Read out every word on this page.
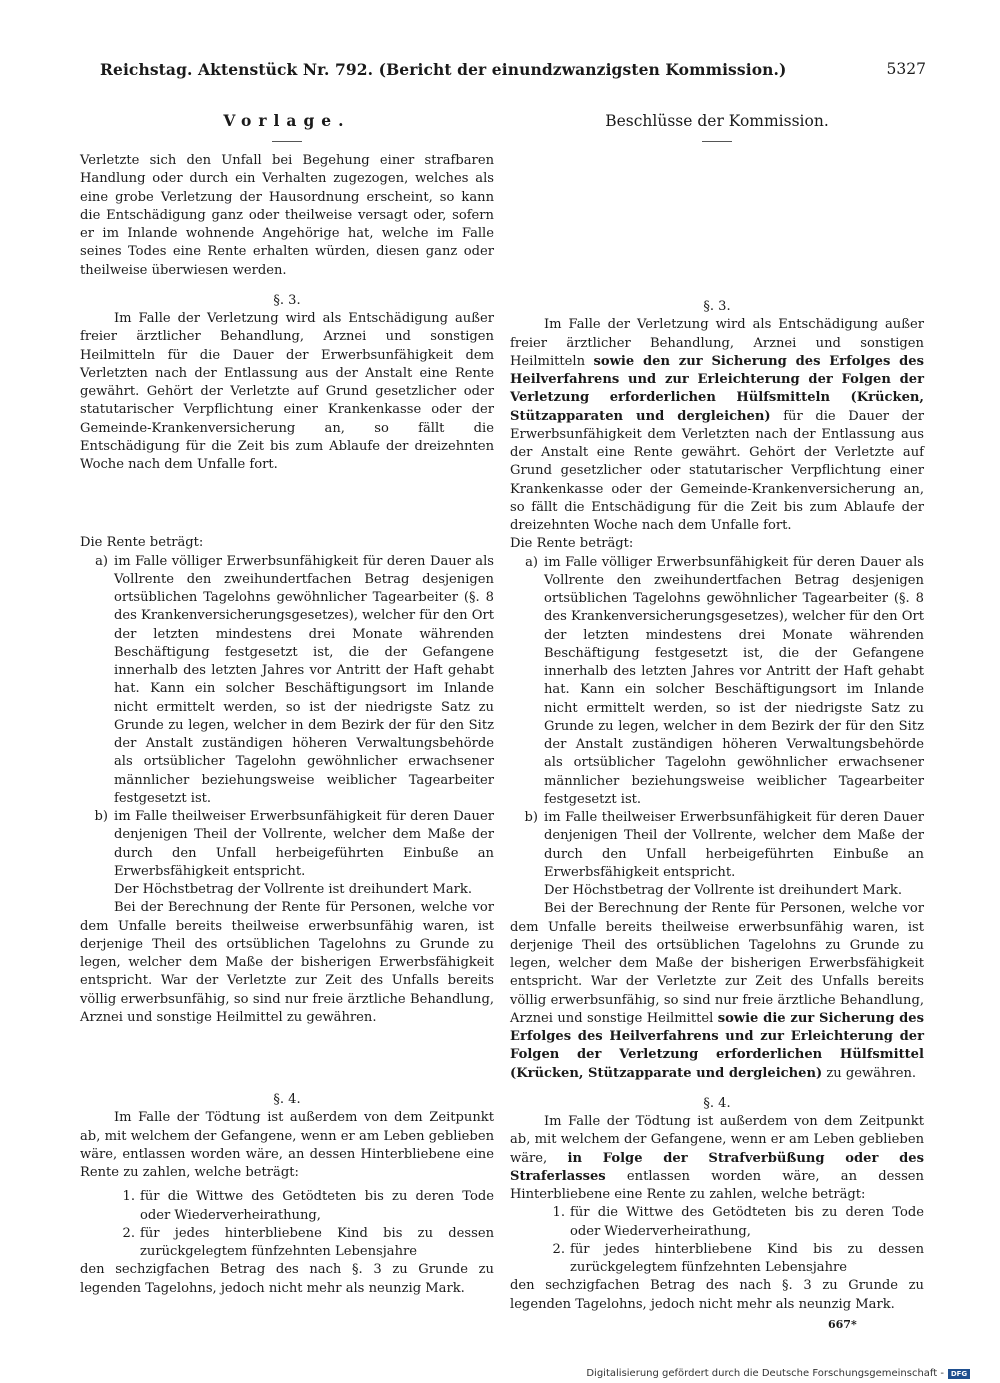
Reichstag. Aktenstück Nr. 792. (Bericht der einundzwanzigsten Kommission.)	5327
Vorlage.

Verletzte sich den Unfall bei Begehung einer strafbaren Handlung oder durch ein Verhalten zugezogen, welches als eine grobe Verletzung der Hausordnung erscheint, so kann die Entschädigung ganz oder theilweise versagt oder, sofern er im Inlande wohnende Angehörige hat, welche im Falle seines Todes eine Rente erhalten würden, diesen ganz oder theilweise überwiesen werden.

§. 3.

Im Falle der Verletzung wird als Entschädigung außer freier ärztlicher Behandlung, Arznei und sonstigen Heilmitteln für die Dauer der Erwerbsunfähigkeit dem Verletzten nach der Entlassung aus der Anstalt eine Rente gewährt. Gehört der Verletzte auf Grund gesetzlicher oder statutarischer Verpflichtung einer Krankenkasse oder der Gemeinde-Krankenversicherung an, so fällt die Entschädigung für die Zeit bis zum Ablaufe der dreizehnten Woche nach dem Unfalle fort.

Die Rente beträgt:

a) im Falle völliger Erwerbsunfähigkeit für deren Dauer als Vollrente den zweihundertfachen Betrag desjenigen ortsüblichen Tagelohns gewöhnlicher Tagearbeiter (§. 8 des Krankenversicherungsgesetzes), welcher für den Ort der letzten mindestens drei Monate währenden Beschäftigung festgesetzt ist, die der Gefangene innerhalb des letzten Jahres vor Antritt der Haft gehabt hat. Kann ein solcher Beschäftigungsort im Inlande nicht ermittelt werden, so ist der niedrigste Satz zu Grunde zu legen, welcher in dem Bezirk der für den Sitz der Anstalt zuständigen höheren Verwaltungsbehörde als ortsüblicher Tagelohn gewöhnlicher erwachsener männlicher beziehungsweise weiblicher Tagearbeiter festgesetzt ist.
b) im Falle theilweiser Erwerbsunfähigkeit für deren Dauer denjenigen Theil der Vollrente, welcher dem Maße der durch den Unfall herbeigeführten Einbuße an Erwerbsfähigkeit entspricht.

Der Höchstbetrag der Vollrente ist dreihundert Mark.

Bei der Berechnung der Rente für Personen, welche vor dem Unfalle bereits theilweise erwerbsunfähig waren, ist derjenige Theil des ortsüblichen Tagelohns zu Grunde zu legen, welcher dem Maße der bisherigen Erwerbsfähigkeit entspricht. War der Verletzte zur Zeit des Unfalls bereits völlig erwerbsunfähig, so sind nur freie ärztliche Behandlung, Arznei und sonstige Heilmittel zu gewähren.

§. 4.

Im Falle der Tödtung ist außerdem von dem Zeitpunkt ab, mit welchem der Gefangene, wenn er am Leben geblieben wäre, entlassen worden wäre, an dessen Hinterbliebene eine Rente zu zahlen, welche beträgt:

1. für die Wittwe des Getödteten bis zu deren Tode oder Wiederverheirathung,
2. für jedes hinterbliebene Kind bis zu dessen zurückgelegtem fünfzehnten Lebensjahre

den sechzigfachen Betrag des nach §. 3 zu Grunde zu legenden Tagelohns, jedoch nicht mehr als neunzig Mark.

Beschlüsse der Kommission.
§. 3.

Im Falle der Verletzung wird als Entschädigung außer freier ärztlicher Behandlung, Arznei und sonstigen Heilmitteln sowie den zur Sicherung des Erfolges des Heilverfahrens und zur Erleichterung der Folgen der Verletzung erforderlichen Hülfsmitteln (Krücken, Stützapparaten und dergleichen) für die Dauer der Erwerbsunfähigkeit dem Verletzten nach der Entlassung aus der Anstalt eine Rente gewährt. Gehört der Verletzte auf Grund gesetzlicher oder statutarischer Verpflichtung einer Krankenkasse oder der Gemeinde-Krankenversicherung an, so fällt die Entschädigung für die Zeit bis zum Ablaufe der dreizehnten Woche nach dem Unfalle fort.

Die Rente beträgt:

a) im Falle völliger Erwerbsunfähigkeit für deren Dauer als Vollrente den zweihundertfachen Betrag desjenigen ortsüblichen Tagelohns gewöhnlicher Tagearbeiter (§. 8 des Krankenversicherungsgesetzes), welcher für den Ort der letzten mindestens drei Monate währenden Beschäftigung festgesetzt ist, die der Gefangene innerhalb des letzten Jahres vor Antritt der Haft gehabt hat. Kann ein solcher Beschäftigungsort im Inlande nicht ermittelt werden, so ist der niedrigste Satz zu Grunde zu legen, welcher in dem Bezirk der für den Sitz der Anstalt zuständigen höheren Verwaltungsbehörde als ortsüblicher Tagelohn gewöhnlicher erwachsener männlicher beziehungsweise weiblicher Tagearbeiter festgesetzt ist.
b) im Falle theilweiser Erwerbsunfähigkeit für deren Dauer denjenigen Theil der Vollrente, welcher dem Maße der durch den Unfall herbeigeführten Einbuße an Erwerbsfähigkeit entspricht.

Der Höchstbetrag der Vollrente ist dreihundert Mark.

Bei der Berechnung der Rente für Personen, welche vor dem Unfalle bereits theilweise erwerbsunfähig waren, ist derjenige Theil des ortsüblichen Tagelohns zu Grunde zu legen, welcher dem Maße der bisherigen Erwerbsfähigkeit entspricht. War der Verletzte zur Zeit des Unfalls bereits völlig erwerbsunfähig, so sind nur freie ärztliche Behandlung, Arznei und sonstige Heilmittel sowie die zur Sicherung des Erfolges des Heilverfahrens und zur Erleichterung der Folgen der Verletzung erforderlichen Hülfsmittel (Krücken, Stützapparate und dergleichen) zu gewähren.

§. 4.

Im Falle der Tödtung ist außerdem von dem Zeitpunkt ab, mit welchem der Gefangene, wenn er am Leben geblieben wäre, in Folge der Strafverbüßung oder des Straferlasses entlassen worden wäre, an dessen Hinterbliebene eine Rente zu zahlen, welche beträgt:

1. für die Wittwe des Getödteten bis zu deren Tode oder Wiederverheirathung,
2. für jedes hinterbliebene Kind bis zu dessen zurückgelegtem fünfzehnten Lebensjahre

den sechzigfachen Betrag des nach §. 3 zu Grunde zu legenden Tagelohns, jedoch nicht mehr als neunzig Mark.

667*
Digitalisierung gefördert durch die Deutsche Forschungsgemeinschaft - DFG
